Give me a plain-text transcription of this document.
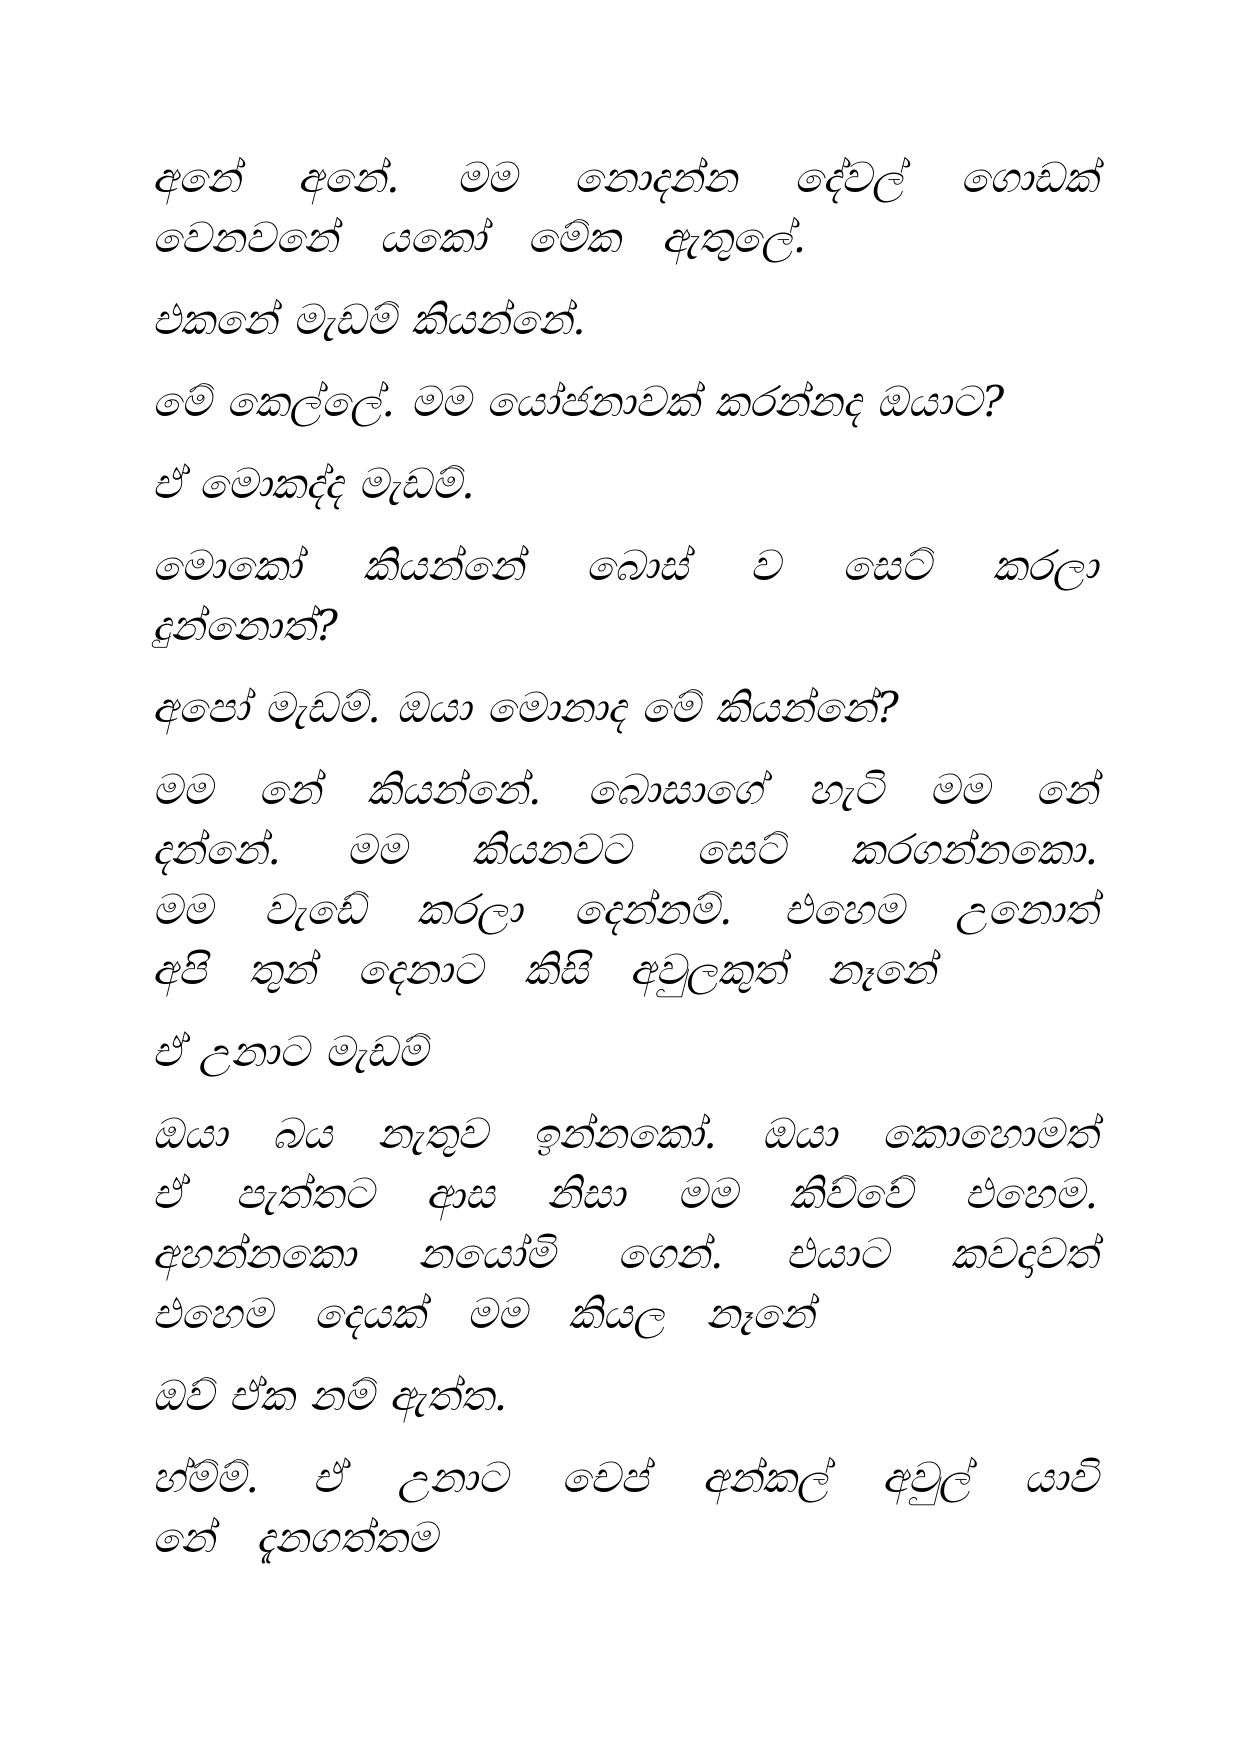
අනේ අනේ. මම නොදන්න දේවල් ගොඩක් වෙනවනේ යකෝ මේක ඇතුලේ.

එකනේ මැඩම් කියන්නේ.

මේ කෙල්ලේ. මම යෝජනාවක් කරන්නද ඔයාට?

ඒ මොකද්ද මැඩම්.

මොකෝ කියන්නේ බොස් ව සෙට් කරලා දුන්නොත්?

අපෝ මැඩම්. ඔයා මොනාද මේ කියන්නේ?

මම නේ කියන්නේ. බොසාගේ හැටි මම නේ දන්නේ. මම කියනවට සෙට් කරගන්නකො. මම වැඩේ කරලා දෙන්නම්. එහෙම උනොත් අපි තුන් දෙනාට කිසි අවුලකුත් නෑනේ

ඒ උනාට මැඩම්

ඔයා බය නැතුව ඉන්නකෝ. ඔයා කොහොමත් ඒ පැත්තට ආස නිසා මම කිව්වේ එහෙම. අහන්නකො නයෝමි ගෙන්. එයාට කවදාවත් එහෙම දෙයක් මම කියල නෑනේ

ඔව් ඒක නම් ඇත්ත.

හ්ම්ම්. ඒ උනාට චෙප් අන්කල් අවුල් යාවි නේ දැනගත්තම
